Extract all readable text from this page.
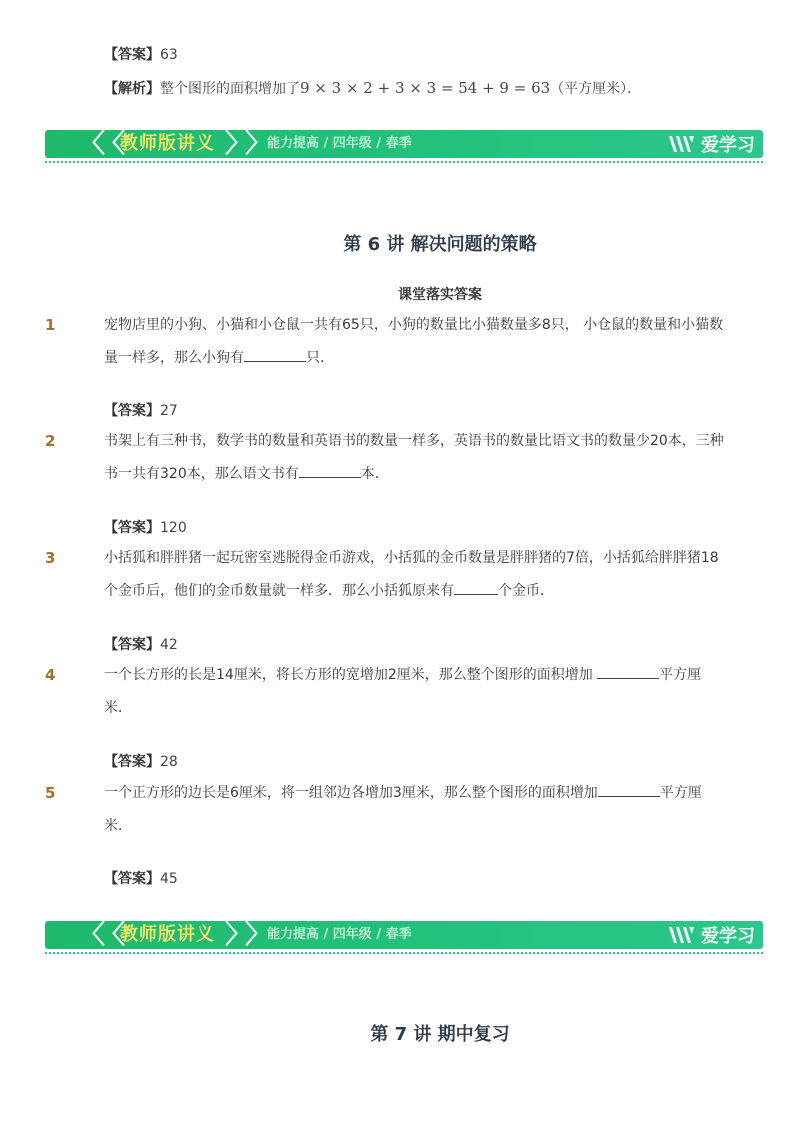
【答案】63
【解析】整个图形的面积增加了9 × 3 × 2 + 3 × 3 = 54 + 9 = 63（平方厘米）．
〈
〈
教师版讲义 〉
〉
能力提高 / 四年级 / 春季	爱学习
第 6 讲 解决问题的策略
课堂落实答案
1	宠物店里的小狗、小猫和小仓鼠一共有65只，小狗的数量比小猫数量多8只， 小仓鼠的数量和小猫数量一样多，那么小狗有	只．
【答案】27
2	书架上有三种书，数学书的数量和英语书的数量一样多，英语书的数量比语文书的数量少20本，三种书一共有320本，那么语文书有	本．
【答案】120
3	小括狐和胖胖猪一起玩密室逃脱得金币游戏，小括狐的金币数量是胖胖猪的7倍，小括狐给胖胖猪18个金币后，他们的金币数量就一样多．那么小括狐原来有	个金币．
【答案】42
4	一个长方形的长是14厘米，将长方形的宽增加2厘米，那么整个图形的面积增加	平方厘米．
【答案】28
5	一个正方形的边长是6厘米，将一组邻边各增加3厘米，那么整个图形的面积增加	平方厘米．
【答案】45
〈
〈
教师版讲义 〉
〉
能力提高 / 四年级 / 春季	爱学习
第 7 讲 期中复习
